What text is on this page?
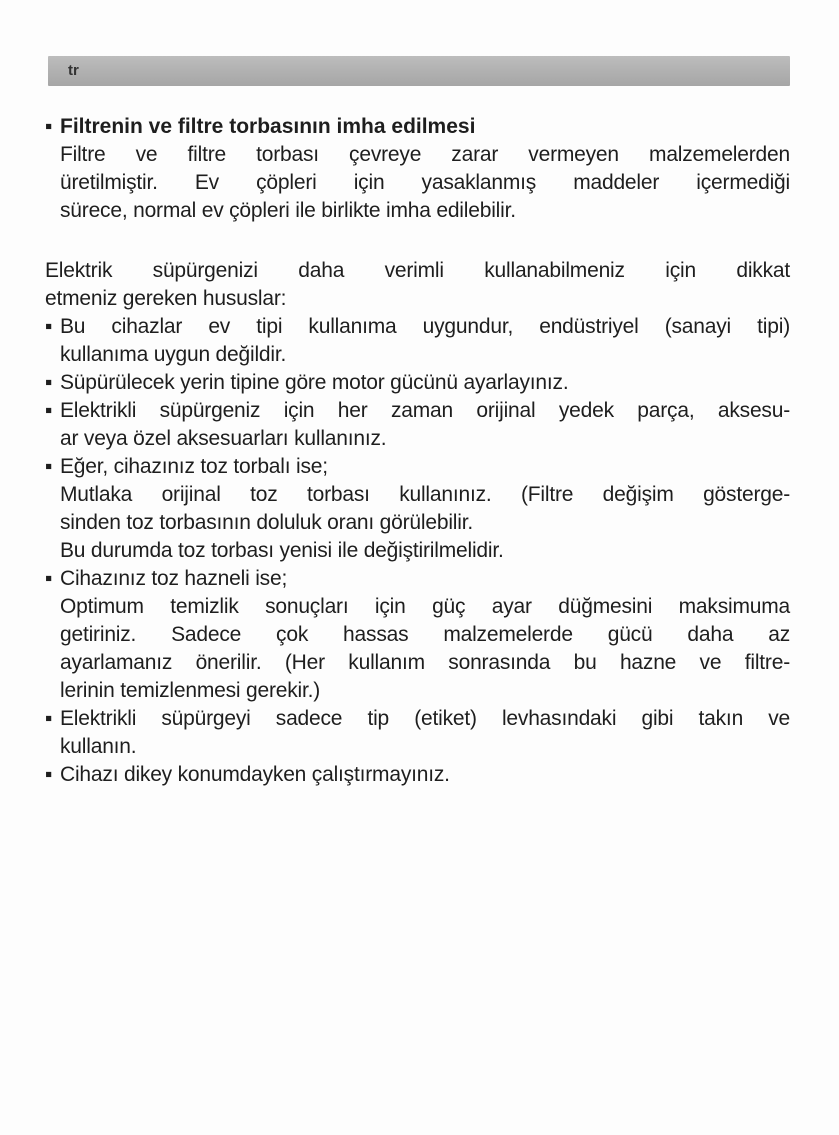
tr
▪ Filtrenin ve filtre torbasının imha edilmesi
Filtre ve filtre torbası çevreye zarar vermeyen malzemelerden
üretilmiştir. Ev çöpleri için yasaklanmış maddeler içermediği
sürece, normal ev çöpleri ile birlikte imha edilebilir.
Elektrik süpürgenizi daha verimli kullanabilmeniz için dikkat
etmeniz gereken hususlar:
▪ Bu cihazlar ev tipi kullanıma uygundur, endüstriyel (sanayi tipi)
kullanıma uygun değildir.
▪ Süpürülecek yerin tipine göre motor gücünü ayarlayınız.
▪ Elektrikli süpürgeniz için her zaman orijinal yedek parça, aksesu-
ar veya özel aksesuarları kullanınız.
▪ Eğer, cihazınız toz torbalı ise;
Mutlaka orijinal toz torbası kullanınız. (Filtre değişim gösterge-
sinden toz torbasının doluluk oranı görülebilir.
Bu durumda toz torbası yenisi ile değiştirilmelidir.
▪ Cihazınız toz hazneli ise;
Optimum temizlik sonuçları için güç ayar düğmesini maksimuma
getiriniz. Sadece çok hassas malzemelerde gücü daha az
ayarlamanız önerilir. (Her kullanım sonrasında bu hazne ve filtre-
lerinin temizlenmesi gerekir.)
▪ Elektrikli süpürgeyi sadece tip (etiket) levhasındaki gibi takın ve
kullanın.
▪ Cihazı dikey konumdayken çalıştırmayınız.
